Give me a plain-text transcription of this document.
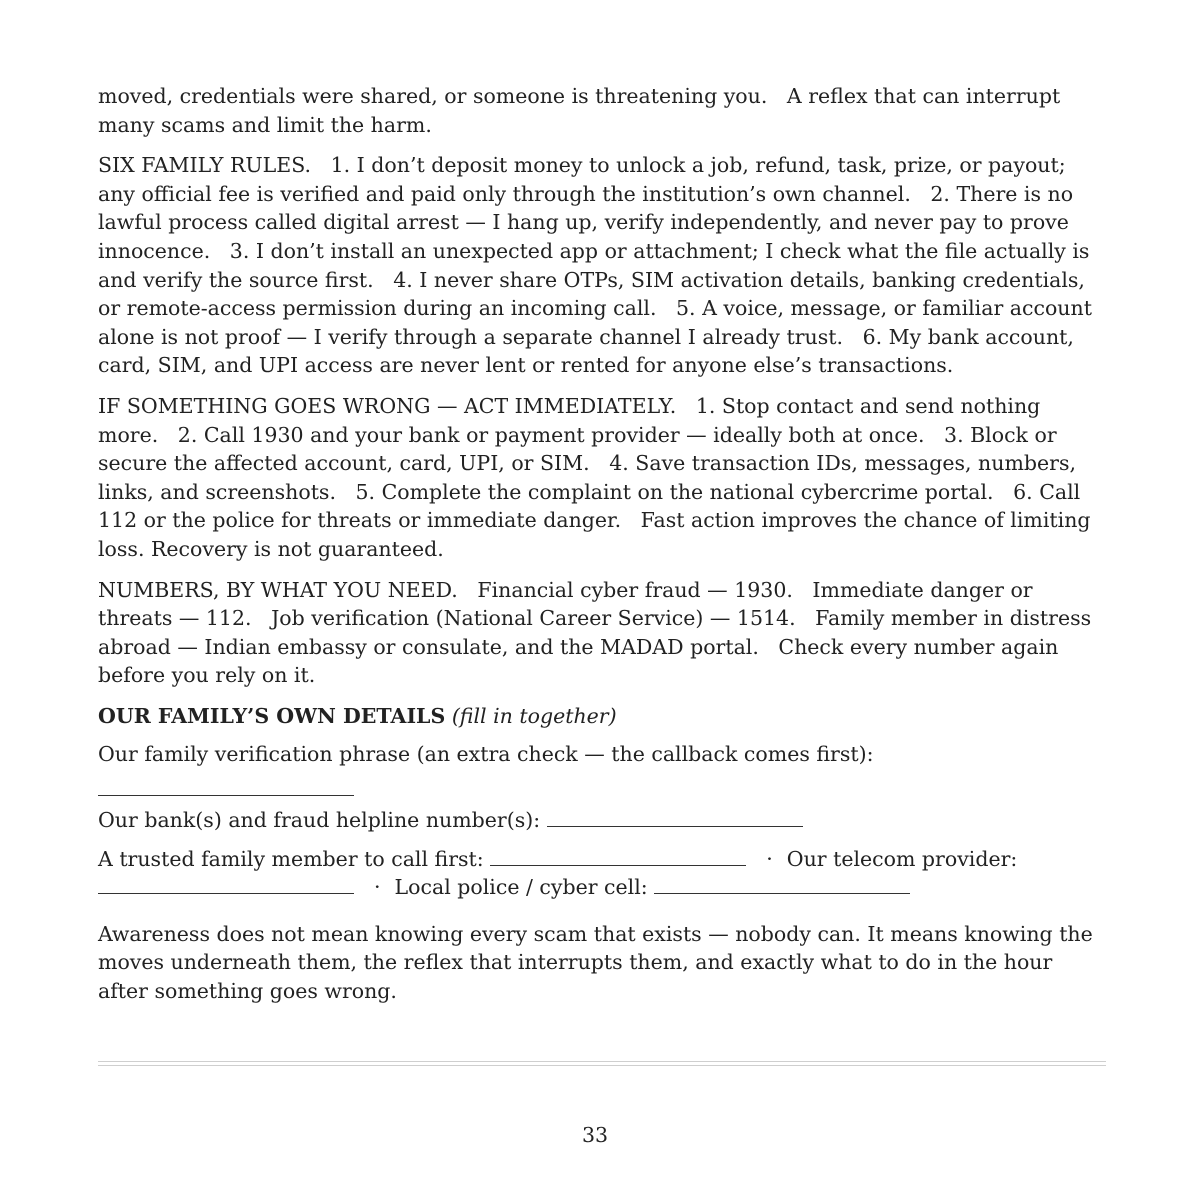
moved, credentials were shared, or someone is threatening you.   A reflex that can interrupt many scams and limit the harm.

SIX FAMILY RULES.   1. I don’t deposit money to unlock a job, refund, task, prize, or payout; any official fee is verified and paid only through the institution’s own channel.   2. There is no lawful process called digital arrest — I hang up, verify independently, and never pay to prove innocence.   3. I don’t install an unexpected app or attachment; I check what the file actually is and verify the source first.   4. I never share OTPs, SIM activation details, banking credentials, or remote-access permission during an incoming call.   5. A voice, message, or familiar account alone is not proof — I verify through a separate channel I already trust.   6. My bank account, card, SIM, and UPI access are never lent or rented for anyone else’s transactions.

IF SOMETHING GOES WRONG — ACT IMMEDIATELY.   1. Stop contact and send nothing more.   2. Call 1930 and your bank or payment provider — ideally both at once.   3. Block or secure the affected account, card, UPI, or SIM.   4. Save transaction IDs, messages, numbers, links, and screenshots.   5. Complete the complaint on the national cybercrime portal.   6. Call 112 or the police for threats or immediate danger.   Fast action improves the chance of limiting loss. Recovery is not guaranteed.

NUMBERS, BY WHAT YOU NEED.   Financial cyber fraud — 1930.   Immediate danger or threats — 112.   Job verification (National Career Service) — 1514.   Family member in distress abroad — Indian embassy or consulate, and the MADAD portal.   Check every number again before you rely on it.

OUR FAMILY’S OWN DETAILS (fill in together)

Our family verification phrase (an extra check — the callback comes first):
Our bank(s) and fraud helpline number(s):
A trusted family member to call first:	· Our telecom provider: · Local police / cyber cell:

Awareness does not mean knowing every scam that exists — nobody can. It means knowing the moves underneath them, the reflex that interrupts them, and exactly what to do in the hour after something goes wrong.

33
